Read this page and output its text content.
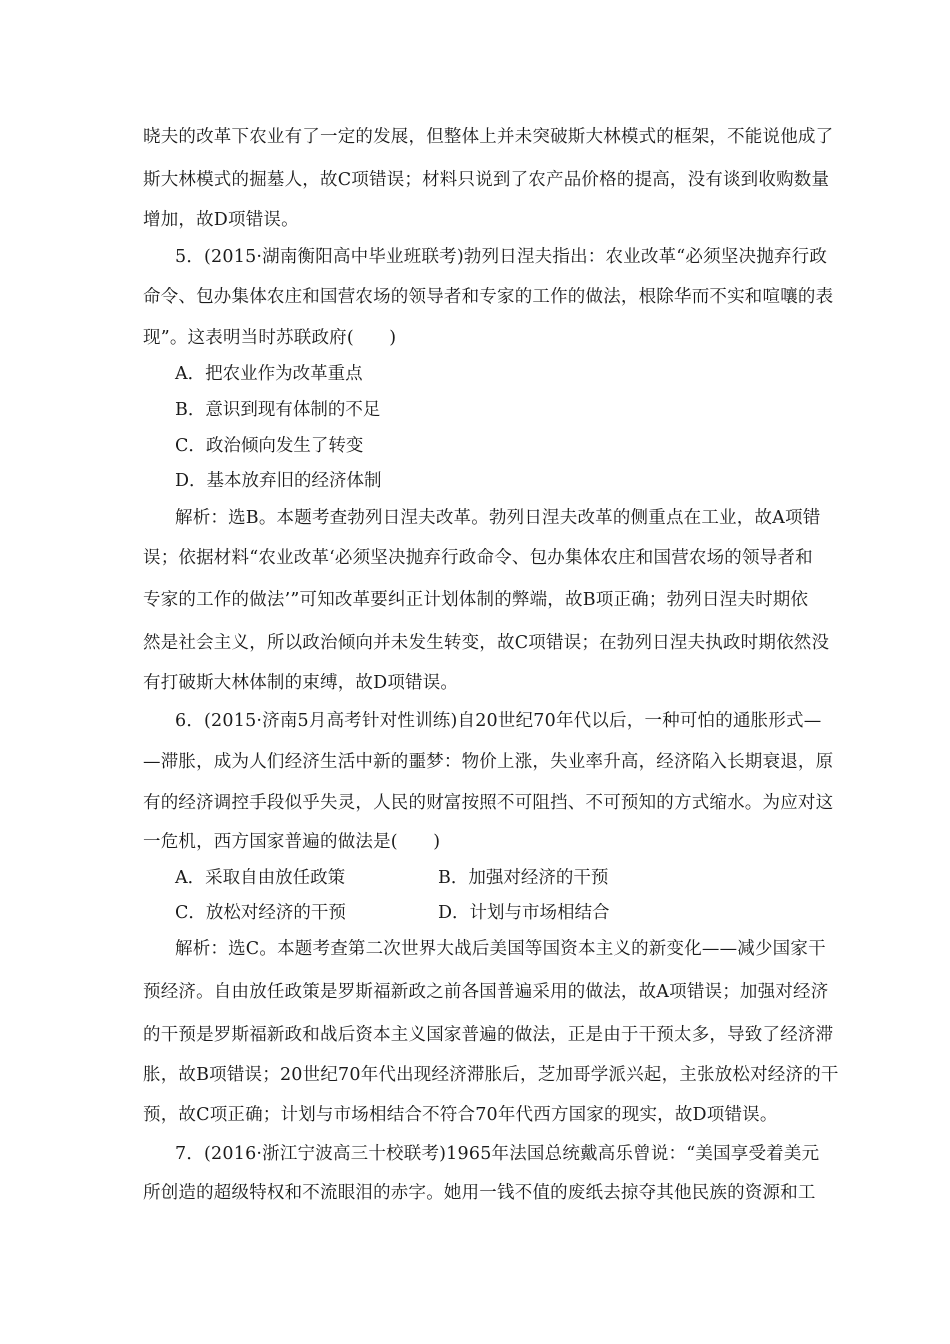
晓夫的改革下农业有了一定的发展，但整体上并未突破斯大林模式的框架，不能说他成了
斯大林模式的掘墓人，故C项错误；材料只说到了农产品价格的提高，没有谈到收购数量
增加，故D项错误。
5．(2015·湖南衡阳高中毕业班联考)勃列日涅夫指出：农业改革“必须坚决抛弃行政
命令、包办集体农庄和国营农场的领导者和专家的工作的做法，根除华而不实和喧嚷的表
现”。这表明当时苏联政府(　　)
A．把农业作为改革重点
B．意识到现有体制的不足
C．政治倾向发生了转变
D．基本放弃旧的经济体制
解析：选B。本题考查勃列日涅夫改革。勃列日涅夫改革的侧重点在工业，故A项错
误；依据材料“农业改革‘必须坚决抛弃行政命令、包办集体农庄和国营农场的领导者和
专家的工作的做法’”可知改革要纠正计划体制的弊端，故B项正确；勃列日涅夫时期依
然是社会主义，所以政治倾向并未发生转变，故C项错误；在勃列日涅夫执政时期依然没
有打破斯大林体制的束缚，故D项错误。
6．(2015·济南5月高考针对性训练)自20世纪70年代以后，一种可怕的通胀形式—
—滞胀，成为人们经济生活中新的噩梦：物价上涨，失业率升高，经济陷入长期衰退，原
有的经济调控手段似乎失灵，人民的财富按照不可阻挡、不可预知的方式缩水。为应对这
一危机，西方国家普遍的做法是(　　)
A．采取自由放任政策	B．加强对经济的干预
C．放松对经济的干预	D．计划与市场相结合
解析：选C。本题考查第二次世界大战后美国等国资本主义的新变化——减少国家干
预经济。自由放任政策是罗斯福新政之前各国普遍采用的做法，故A项错误；加强对经济
的干预是罗斯福新政和战后资本主义国家普遍的做法，正是由于干预太多，导致了经济滞
胀，故B项错误；20世纪70年代出现经济滞胀后，芝加哥学派兴起，主张放松对经济的干
预，故C项正确；计划与市场相结合不符合70年代西方国家的现实，故D项错误。
7．(2016·浙江宁波高三十校联考)1965年法国总统戴高乐曾说：“美国享受着美元
所创造的超级特权和不流眼泪的赤字。她用一钱不值的废纸去掠夺其他民族的资源和工
